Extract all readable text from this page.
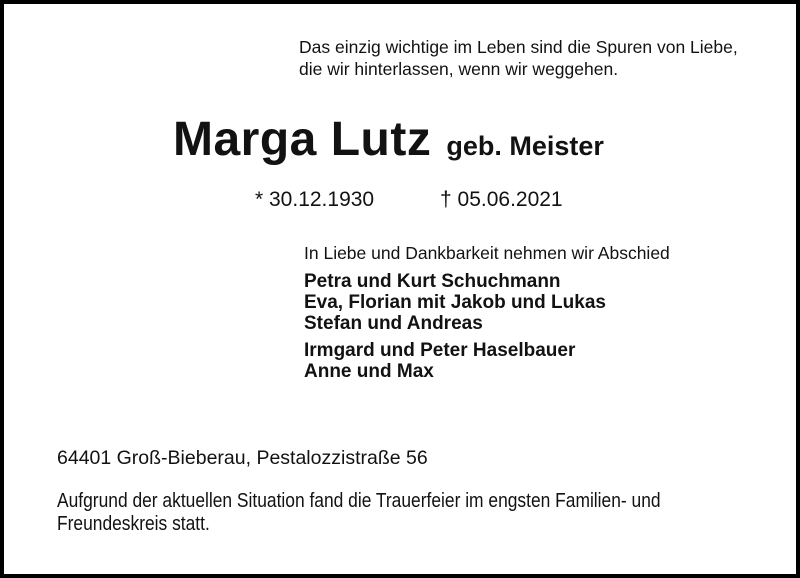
Das einzig wichtige im Leben sind die Spuren von Liebe,
die wir hinterlassen, wenn wir weggehen.
Marga Lutz geb. Meister
* 30.12.1930	† 05.06.2021
In Liebe und Dankbarkeit nehmen wir Abschied
Petra und Kurt Schuchmann
Eva, Florian mit Jakob und Lukas
Stefan und Andreas
Irmgard und Peter Haselbauer
Anne und Max
64401 Groß-Bieberau, Pestalozzistraße 56
Aufgrund der aktuellen Situation fand die Trauerfeier im engsten Familien- und
Freundeskreis statt.
